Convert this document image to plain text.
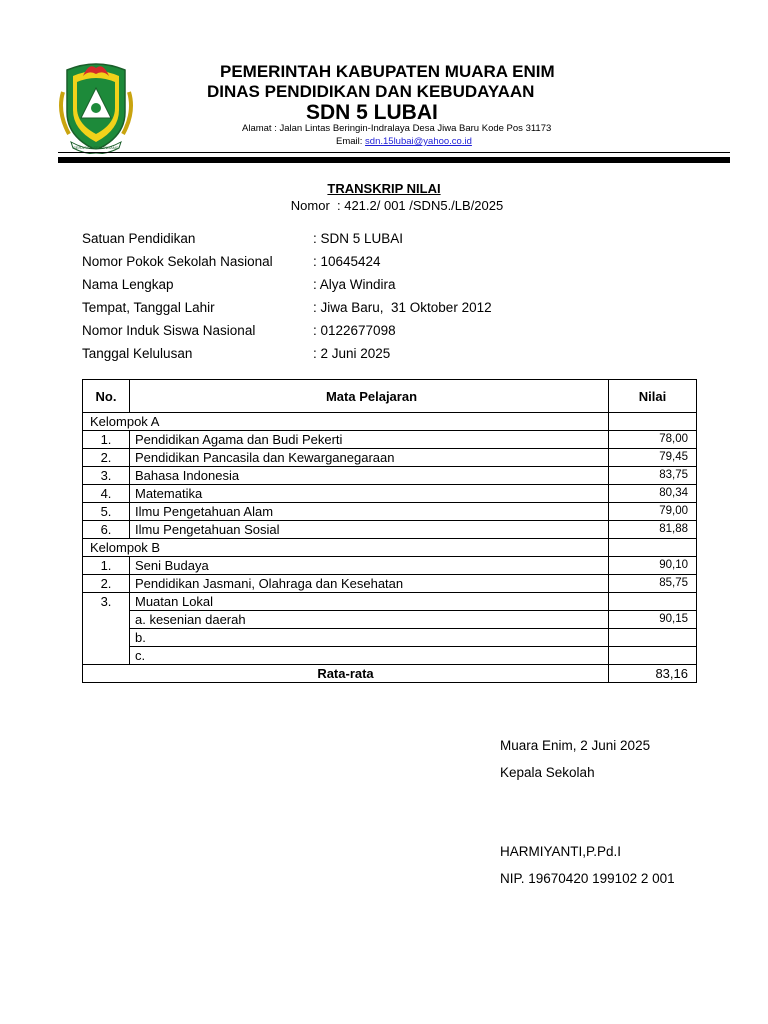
SERASAN SEKUNDANG
PEMERINTAH KABUPATEN MUARA ENIM
DINAS PENDIDIKAN DAN KEBUDAYAAN
SDN 5 LUBAI
Alamat : Jalan Lintas Beringin-Indralaya Desa Jiwa Baru Kode Pos 31173
Email: sdn.15lubai@yahoo.co.id
TRANSKRIP NILAI
Nomor  : 421.2/ 001 /SDN5./LB/2025
Satuan Pendidikan	: SDN 5 LUBAI
Nomor Pokok Sekolah Nasional	: 10645424
Nama Lengkap	: Alya Windira
Tempat, Tanggal Lahir	: Jiwa Baru,  31 Oktober 2012
Nomor Induk Siswa Nasional	: 0122677098
Tanggal Kelulusan	: 2 Juni 2025
No.	Mata Pelajaran	Nilai
Kelompok A		
1.	Pendidikan Agama dan Budi Pekerti	78,00
2.	Pendidikan Pancasila dan Kewarganegaraan	79,45
3.	Bahasa Indonesia	83,75
4.	Matematika	80,34
5.	Ilmu Pengetahuan Alam	79,00
6.	Ilmu Pengetahuan Sosial	81,88
Kelompok B		
1.	Seni Budaya	90,10
2.	Pendidikan Jasmani, Olahraga dan Kesehatan	85,75
3.	Muatan Lokal	
	a. kesenian daerah	90,15
	b.	
	c.	
Rata-rata		83,16
Muara Enim, 2 Juni 2025
Kepala Sekolah
HARMIYANTI,P.Pd.I
NIP. 19670420 199102 2 001
